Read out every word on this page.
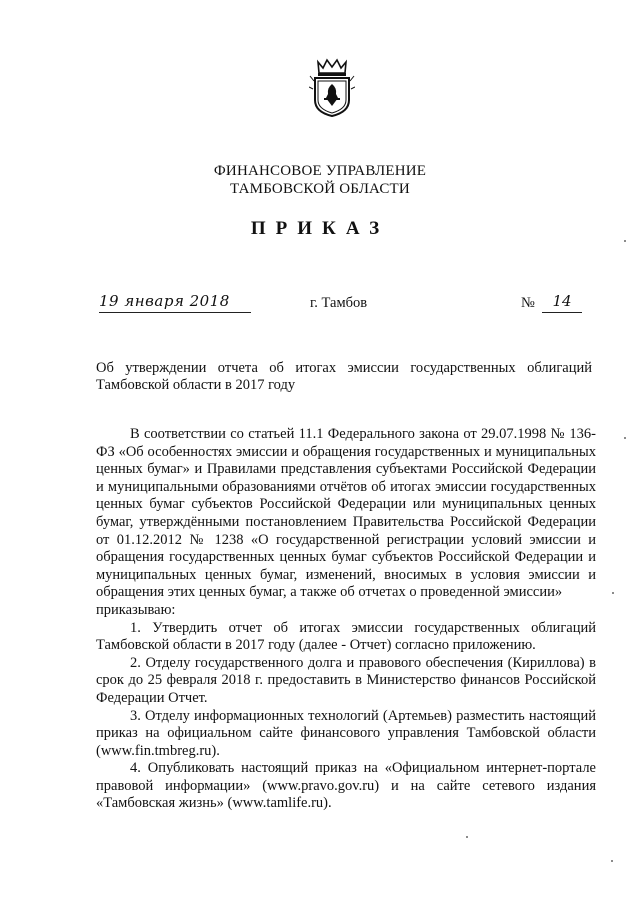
ФИНАНСОВОЕ УПРАВЛЕНИЕ
ТАМБОВСКОЙ ОБЛАСТИ
ПРИКАЗ
19 января 2018	г. Тамбов	№	14
Об утверждении отчета об итогах эмиссии государственных облигаций Тамбовской области в 2017 году

В соответствии со статьей 11.1 Федерального закона от 29.07.1998 № 136-ФЗ «Об особенностях эмиссии и обращения государственных и муниципальных ценных бумаг» и Правилами представления субъектами Российской Федерации и муниципальными образованиями отчётов об итогах эмиссии государственных ценных бумаг субъектов Российской Федерации или муниципальных ценных бумаг, утверждёнными постановлением Правительства Российской Федерации от 01.12.2012 № 1238 «О государственной регистрации условий эмиссии и обращения государственных ценных бумаг субъектов Российской Федерации и муниципальных ценных бумаг, изменений, вносимых в условия эмиссии и обращения этих ценных бумаг, а также об отчетах о проведенной эмиссии»

приказываю:

1. Утвердить отчет об итогах эмиссии государственных облигаций Тамбовской области в 2017 году (далее - Отчет) согласно приложению.

2. Отделу государственного долга и правового обеспечения (Кириллова) в срок до 25 февраля 2018 г. предоставить в Министерство финансов Российской Федерации Отчет.

3. Отделу информационных технологий (Артемьев) разместить настоящий приказ на официальном сайте финансового управления Тамбовской области (www.fin.tmbreg.ru).

4. Опубликовать настоящий приказ на «Официальном интернет-портале правовой информации» (www.pravo.gov.ru) и на сайте сетевого издания «Тамбовская жизнь» (www.tamlife.ru).
